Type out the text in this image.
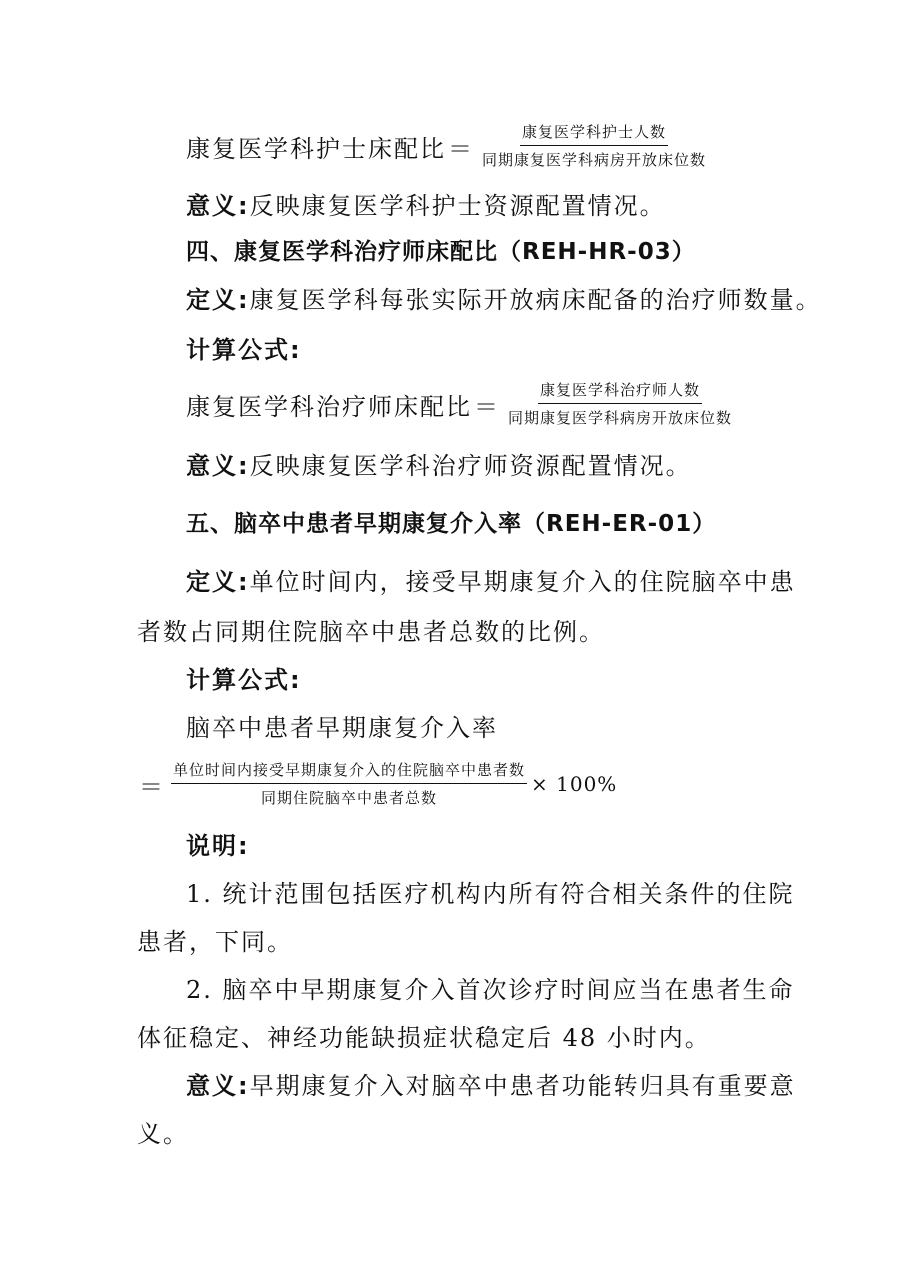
康复医学科护士床配比 ＝ $\frac{\text{康复医学科护士人数}}{\text{同期康复医学科病房开放床位数}}$
意义:反映康复医学科护士资源配置情况。
四、康复医学科治疗师床配比（REH-HR-03）
定义:康复医学科每张实际开放病床配备的治疗师数量。
计算公式:
康复医学科治疗师床配比 ＝ $\frac{\text{康复医学科治疗师人数}}{\text{同期康复医学科病房开放床位数}}$
意义:反映康复医学科治疗师资源配置情况。
五、脑卒中患者早期康复介入率（REH-ER-01）
定义:单位时间内，接受早期康复介入的住院脑卒中患
者数占同期住院脑卒中患者总数的比例。
计算公式:
脑卒中患者早期康复介入率
＝ $\frac{\text{单位时间内接受早期康复介入的住院脑卒中患者数}}{\text{同期住院脑卒中患者总数}} \times 100\%$
说明:
1. 统计范围包括医疗机构内所有符合相关条件的住院
患者，下同。
2. 脑卒中早期康复介入首次诊疗时间应当在患者生命
体征稳定、神经功能缺损症状稳定后 48 小时内。
意义:早期康复介入对脑卒中患者功能转归具有重要意
义。
